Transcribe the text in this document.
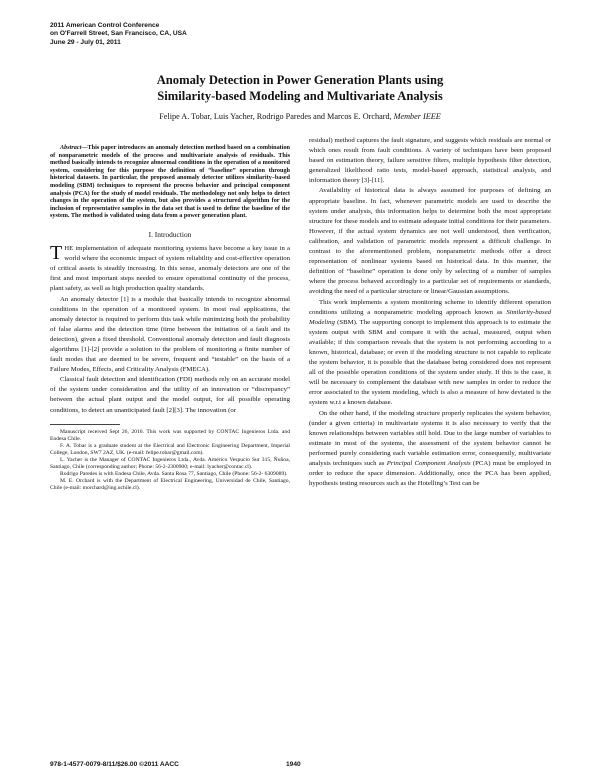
2011 American Control Conference
on O'Farrell Street, San Francisco, CA, USA
June 29 - July 01, 2011
Anomaly Detection in Power Generation Plants using
Similarity-based Modeling and Multivariate Analysis
Felipe A. Tobar, Luis Yacher, Rodrigo Paredes and Marcos E. Orchard, Member IEEE

Abstract—This paper introduces an anomaly detection method based on a combination of nonparametric models of the process and multivariate analysis of residuals. This method basically intends to recognize abnormal conditions in the operation of a monitored system, considering for this purpose the definition of “baseline” operation through historical datasets. In particular, the proposed anomaly detector utilizes similarity–based modeling (SBM) techniques to represent the process behavior and principal component analysis (PCA) for the study of model residuals. The methodology not only helps to detect changes in the operation of the system, but also provides a structured algorithm for the inclusion of representative samples in the data set that is used to define the baseline of the system. The method is validated using data from a power generation plant.

I. Introduction

THE implementation of adequate monitoring systems have become a key issue in a world where the economic impact of system reliability and cost-effective operation of critical assets is steadily increasing. In this sense, anomaly detectors are one of the first and most important steps needed to ensure operational continuity of the process, plant safety, as well as high production quality standards.

An anomaly detector [1] is a module that basically intends to recognize abnormal conditions in the operation of a monitored system. In most real applications, the anomaly detector is required to perform this task while minimizing both the probability of false alarms and the detection time (time between the initiation of a fault and its detection), given a fixed threshold. Conventional anomaly detection and fault diagnosis algorithms [1]-[2] provide a solution to the problem of monitoring a finite number of fault modes that are deemed to be severe, frequent and “testable” on the basis of a Failure Modes, Effects, and Criticality Analysis (FMECA).

Classical fault detection and identification (FDI) methods rely on an accurate model of the system under consideration and the utility of an innovation or “discrepancy” between the actual plant output and the model output, for all possible operating conditions, to detect an unanticipated fault [2][3]. The innovation (or

Manuscript received Sept 26, 2010. This work was supported by CONTAC Ingenieros Ltda. and Endesa Chile.

F. A. Tobar is a graduate student at the Electrical and Electronic Engineering Department, Imperial College, London, SW7 2AZ, UK. (e-mail: felipe.tobar@gmail.com).

L. Yacher is the Manager of CONTAC Ingenieros Ltda., Avda. Américo Vespucio Sur 315, Ñuñoa, Santiago, Chile (corresponding author; Phone: 56-2-2300900; e-mail: lyacher@contac.cl).

Rodrigo Paredes is with Endesa Chile, Avda. Santa Rosa 77, Santiago, Chile (Phone: 56-2- 6309089).

M. E. Orchard is with the Department of Electrical Engineering, Universidad de Chile, Santiago, Chile (e-mail: morchard@ing.uchile.cl).

residual) method captures the fault signature, and suggests which residuals are normal or which ones result from fault conditions. A variety of techniques have been proposed based on estimation theory, failure sensitive filters, multiple hypothesis filter detection, generalized likelihood ratio tests, model-based approach, statistical analysis, and information theory [3]-[11].

Availability of historical data is always assumed for purposes of defining an appropriate baseline. In fact, whenever parametric models are used to describe the system under analysis, this information helps to determine both the most appropriate structure for these models and to estimate adequate initial conditions for their parameters. However, if the actual system dynamics are not well understood, then verification, calibration, and validation of parametric models represent a difficult challenge. In contrast to the aforementioned problem, nonparametric methods offer a direct representation of nonlinear systems based on historical data. In this manner, the definition of “baseline” operation is done only by selecting of a number of samples where the process behaved accordingly to a particular set of requirements or standards, avoiding the need of a particular structure or linear/Gaussian assumptions.

This work implements a system monitoring scheme to identify different operation conditions utilizing a nonparametric modeling approach known as Similarity-based Modeling (SBM). The supporting concept to implement this approach is to estimate the system output with SBM and compare it with the actual, measured, output when available; if this comparison reveals that the system is not performing according to a known, historical, database; or even if the modeling structure is not capable to replicate the system behavior, it is possible that the database being considered does not represent all of the possible operation conditions of the system under study. If this is the case, it will be necessary to complement the database with new samples in order to reduce the error associated to the system modeling, which is also a measure of how deviated is the system w.r.t a known database.

On the other hand, if the modeling structure properly replicates the system behavior, (under a given criteria) in multivariate systems it is also necessary to verify that the known relationships between variables still hold. Due to the large number of variables to estimate in most of the systems, the assessment of the system behavior cannot be performed purely considering each variable estimation error, consequently, multivariate analysis techniques such as Principal Component Analysis (PCA) must be employed in order to reduce the space dimension. Additionally, once the PCA has been applied, hypothesis testing resources such as the Hotelling’s Test can be

978-1-4577-0079-8/11/$26.00 ©2011 AACC	1940
